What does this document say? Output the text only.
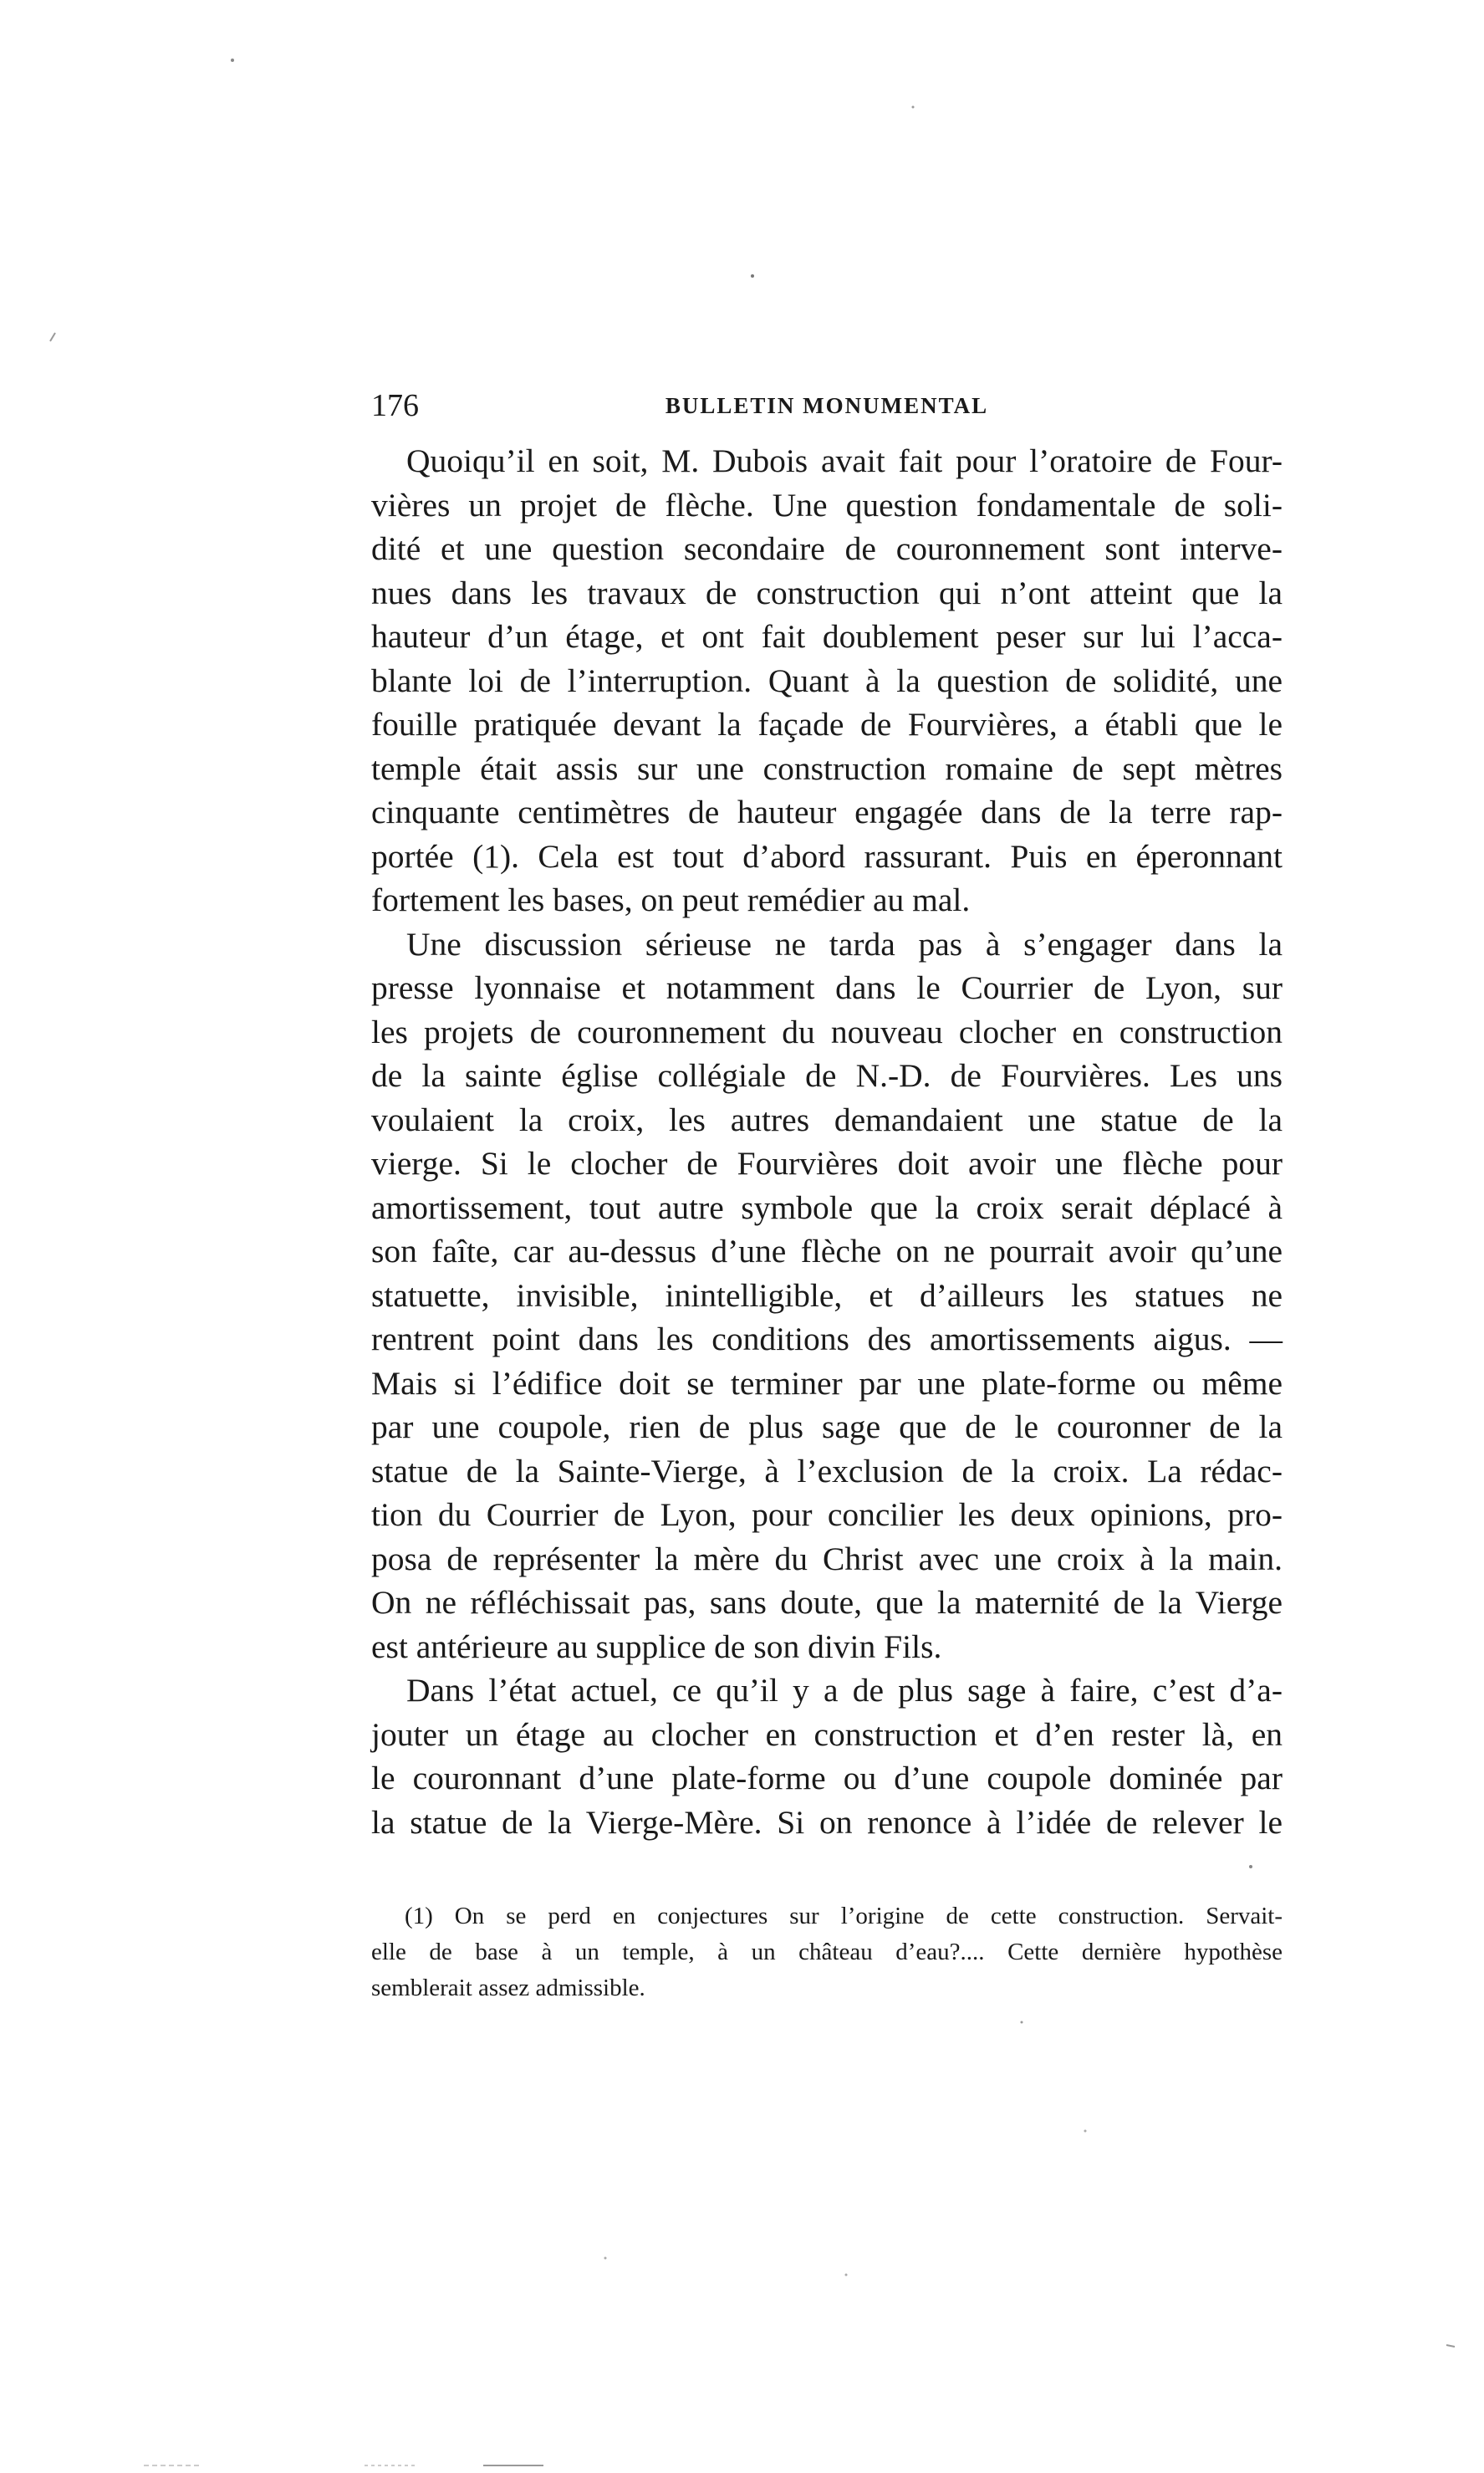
176	BULLETIN MONUMENTAL

Quoiqu’il en soit, M. Dubois avait fait pour l’oratoire de Four-
vières un projet de flèche. Une question fondamentale de soli-
dité et une question secondaire de couronnement sont interve-
nues dans les travaux de construction qui n’ont atteint que la
hauteur d’un étage, et ont fait doublement peser sur lui l’acca-
blante loi de l’interruption. Quant à la question de solidité, une
fouille pratiquée devant la façade de Fourvières, a établi que le
temple était assis sur une construction romaine de sept mètres
cinquante centimètres de hauteur engagée dans de la terre rap-
portée (1). Cela est tout d’abord rassurant. Puis en éperonnant
fortement les bases, on peut remédier au mal.

Une discussion sérieuse ne tarda pas à s’engager dans la
presse lyonnaise et notamment dans le Courrier de Lyon, sur
les projets de couronnement du nouveau clocher en construction
de la sainte église collégiale de N.-D. de Fourvières. Les uns
voulaient la croix, les autres demandaient une statue de la
vierge. Si le clocher de Fourvières doit avoir une flèche pour
amortissement, tout autre symbole que la croix serait déplacé à
son faîte, car au-dessus d’une flèche on ne pourrait avoir qu’une
statuette, invisible, inintelligible, et d’ailleurs les statues ne
rentrent point dans les conditions des amortissements aigus. —
Mais si l’édifice doit se terminer par une plate-forme ou même
par une coupole, rien de plus sage que de le couronner de la
statue de la Sainte-Vierge, à l’exclusion de la croix. La rédac-
tion du Courrier de Lyon, pour concilier les deux opinions, pro-
posa de représenter la mère du Christ avec une croix à la main.
On ne réfléchissait pas, sans doute, que la maternité de la Vierge
est antérieure au supplice de son divin Fils.

Dans l’état actuel, ce qu’il y a de plus sage à faire, c’est d’a-
jouter un étage au clocher en construction et d’en rester là, en
le couronnant d’une plate-forme ou d’une coupole dominée par
la statue de la Vierge-Mère. Si on renonce à l’idée de relever le

(1) On se perd en conjectures sur l’origine de cette construction. Servait-
elle de base à un temple, à un château d’eau?.... Cette dernière hypothèse
semblerait assez admissible.
